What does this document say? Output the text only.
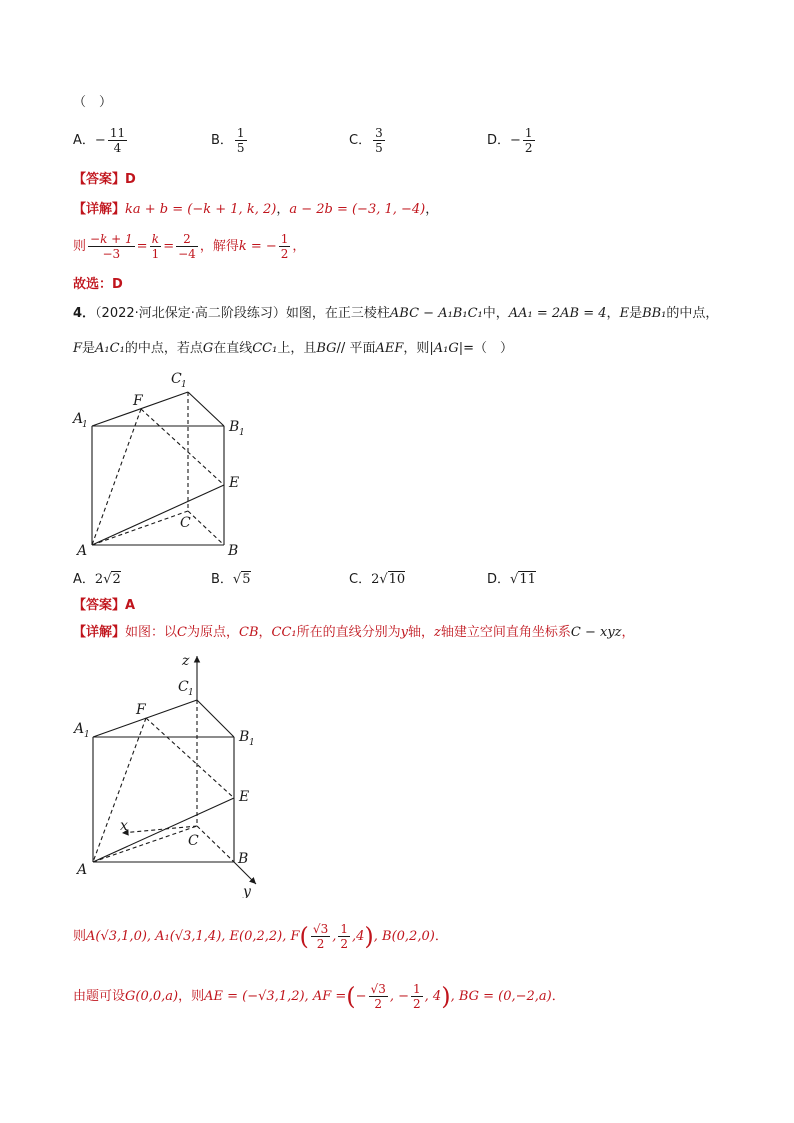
（　）
A．− $\frac{11}{4}$	B． $\frac{1}{5}$	C． $\frac{3}{5}$	D．− $\frac{1}{2}$
【答案】D
【详解】ka + b = (−k + 1, k, 2)，a − 2b = (−3, 1, −4)，
则 $\frac{-k + 1}{-3} = \frac{k}{1} = \frac{2}{-4}$ ，解得k = − $\frac{1}{2}$ ，
故选：D
4．（2022·河北保定·高二阶段练习）如图，在正三棱柱ABC − A₁B₁C₁中，AA₁ = 2AB = 4，E是BB₁的中点，
F是A₁C₁的中点，若点G在直线CC₁上，且BG// 平面AEF，则|A₁G|=（　）
A
1
C 1
B 1
F
E
C
A	B
A．2√2	B．√5	C．2√10	D．√11
【答案】A
【详解】如图：以C为原点，CB，CC₁所在的直线分别为y轴，z轴建立空间直角坐标系C − xyz，
z
x
y
C 1
A 1	B 1
F
E
C
A
B
则A(√3,1,0), A₁(√3,1,4), E(0,2,2), $F( \frac{√3}{2}$ , $\frac{1}{2} ,4$), B(0,2,0)．
由题可设G(0,0,a)，则AE = (−√3,1,2), AF =(− $\frac{√3}{2}$ , − $\frac{1}{2}$ , 4), BG = (0,−2,a)．
